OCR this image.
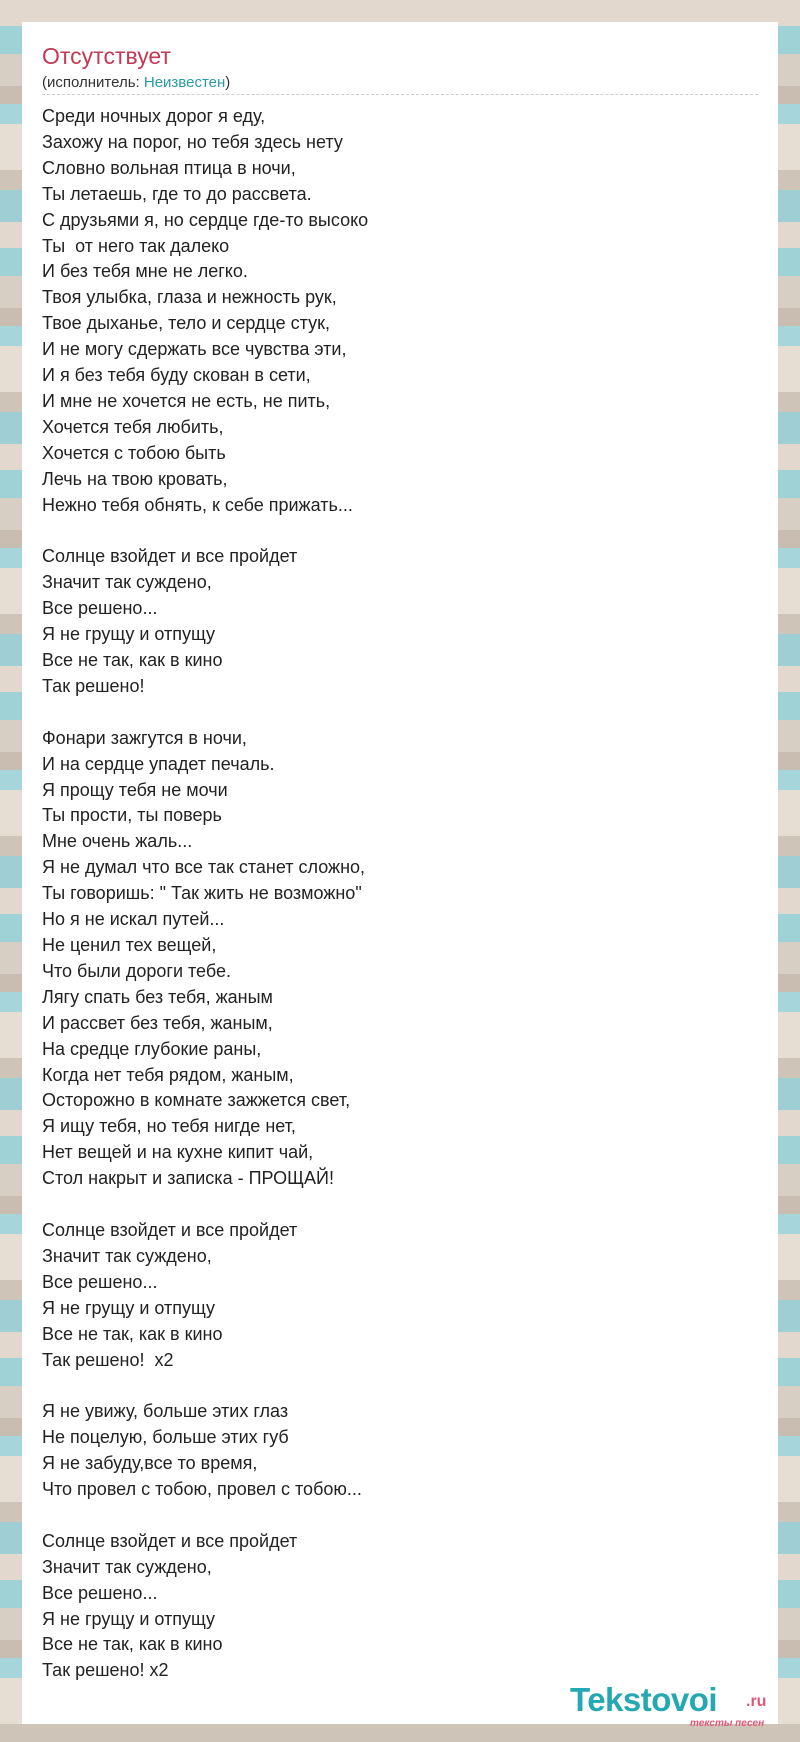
Отсутствует
(исполнитель: Неизвестен)
Среди ночных дорог я еду,
Захожу на порог, но тебя здесь нету
Словно вольная птица в ночи,
Ты летаешь, где то до рассвета.
С друзьями я, но сердце где-то высоко
Ты  от него так далеко
И без тебя мне не легко.
Твоя улыбка, глаза и нежность рук,
Твое дыханье, тело и сердце стук,
И не могу сдержать все чувства эти,
И я без тебя буду скован в сети,
И мне не хочется не есть, не пить,
Хочется тебя любить,
Хочется с тобою быть
Лечь на твою кровать,
Нежно тебя обнять, к себе прижать...

Солнце взойдет и все пройдет
Значит так суждено,
Все решено...
Я не грущу и отпущу
Все не так, как в кино
Так решено!

Фонари зажгутся в ночи,
И на сердце упадет печаль.
Я прощу тебя не мочи
Ты прости, ты поверь
Мне очень жаль...
Я не думал что все так станет сложно,
Ты говоришь: " Так жить не возможно"
Но я не искал путей...
Не ценил тех вещей,
Что были дороги тебе.
Лягу спать без тебя, жаным
И рассвет без тебя, жаным,
На средце глубокие раны,
Когда нет тебя рядом, жаным,
Осторожно в комнате зажжется свет,
Я ищу тебя, но тебя нигде нет,
Нет вещей и на кухне кипит чай,
Стол накрыт и записка - ПРОЩАЙ!

Солнце взойдет и все пройдет
Значит так суждено,
Все решено...
Я не грущу и отпущу
Все не так, как в кино
Так решено!  x2

Я не увижу, больше этих глаз
Не поцелую, больше этих губ
Я не забуду,все то время,
Что провел с тобою, провел с тобою...

Солнце взойдет и все пройдет
Значит так суждено,
Все решено...
Я не грущу и отпущу
Все не так, как в кино
Так решено! x2
Tekstovoi .ru
тексты песен
